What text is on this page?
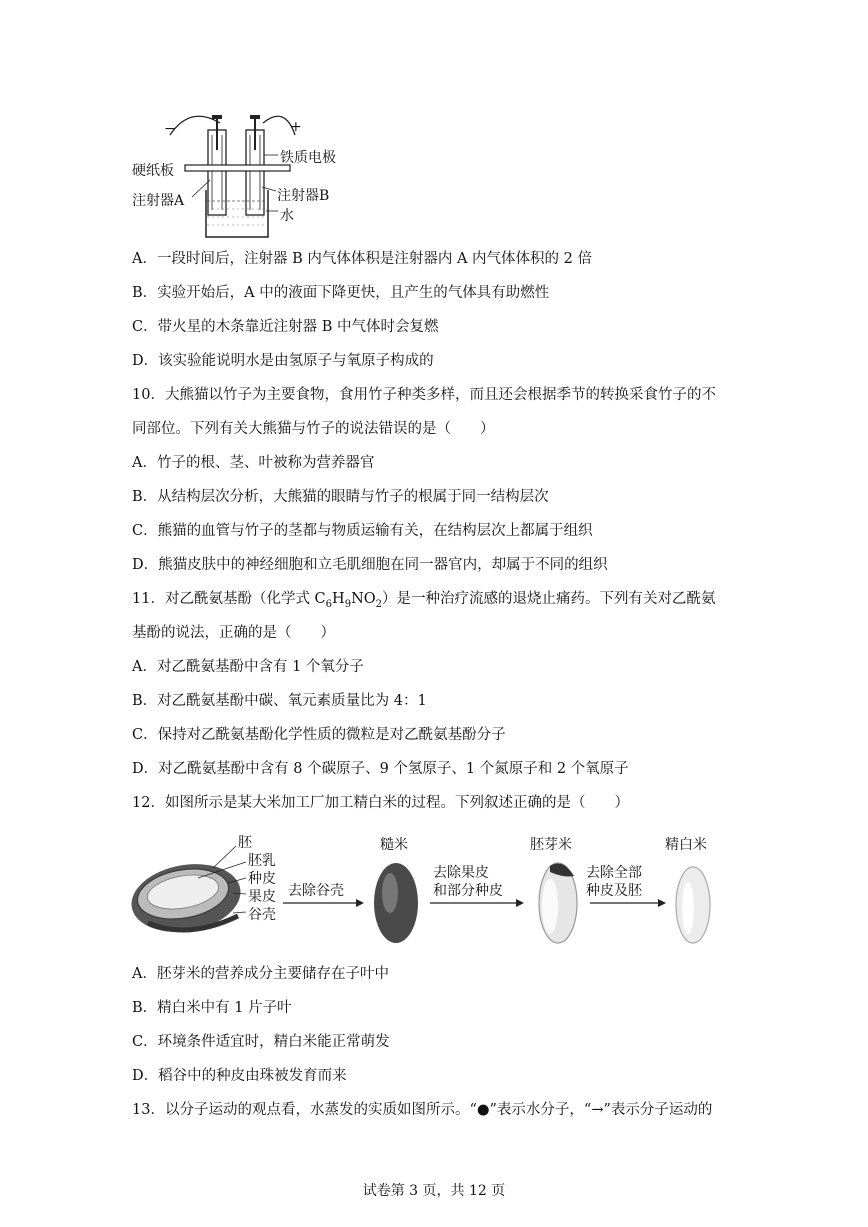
−	+
硬纸板
注射器A
铁质电极
注射器B
水
A．一段时间后，注射器 B 内气体体积是注射器内 A 内气体体积的 2 倍
B．实验开始后，A 中的液面下降更快，且产生的气体具有助燃性
C．带火星的木条靠近注射器 B 中气体时会复燃
D．该实验能说明水是由氢原子与氧原子构成的
10．大熊猫以竹子为主要食物，食用竹子种类多样，而且还会根据季节的转换采食竹子的不
同部位。下列有关大熊猫与竹子的说法错误的是（　　）
A．竹子的根、茎、叶被称为营养器官
B．从结构层次分析，大熊猫的眼睛与竹子的根属于同一结构层次
C．熊猫的血管与竹子的茎都与物质运输有关，在结构层次上都属于组织
D．熊猫皮肤中的神经细胞和立毛肌细胞在同一器官内，却属于不同的组织
11．对乙酰氨基酚（化学式 $C_6H_9NO_2$）是一种治疗流感的退烧止痛药。下列有关对乙酰氨
基酚的说法，正确的是（　　）
A．对乙酰氨基酚中含有 1 个氧分子
B．对乙酰氨基酚中碳、氧元素质量比为 4：1
C．保持对乙酰氨基酚化学性质的微粒是对乙酰氨基酚分子
D．对乙酰氨基酚中含有 8 个碳原子、9 个氢原子、1 个氮原子和 2 个氧原子
12．如图所示是某大米加工厂加工精白米的过程。下列叙述正确的是（　　）
胚
胚乳
种皮
果皮
谷壳
去除谷壳
糙米
去除果皮
和部分种皮
胚芽米
去除全部
种皮及胚
精白米
A．胚芽米的营养成分主要储存在子叶中
B．精白米中有 1 片子叶
C．环境条件适宜时，精白米能正常萌发
D．稻谷中的种皮由珠被发育而来
13．以分子运动的观点看，水蒸发的实质如图所示。“●”表示水分子，“→”表示分子运动的
试卷第 3 页，共 12 页
